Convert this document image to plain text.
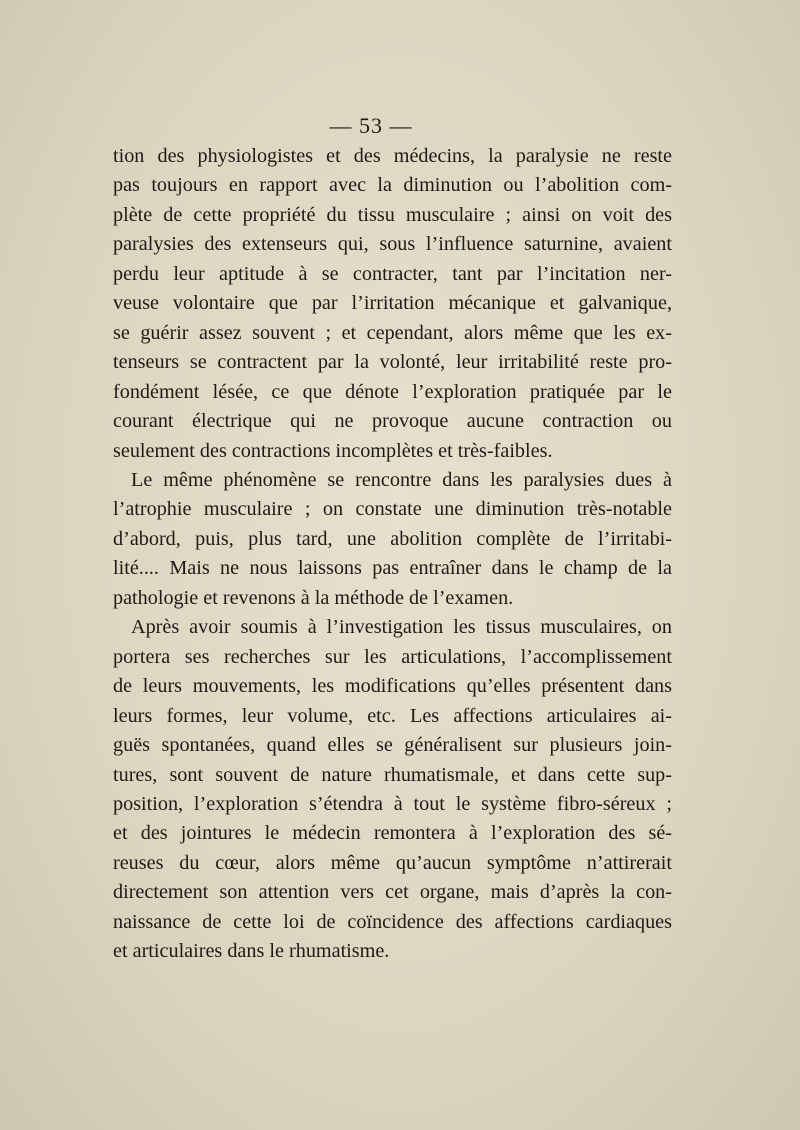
— 53 —

tion des physiologistes et des médecins, la paralysie ne reste
pas toujours en rapport avec la diminution ou l’abolition com-
plète de cette propriété du tissu musculaire ; ainsi on voit des
paralysies des extenseurs qui, sous l’influence saturnine, avaient
perdu leur aptitude à se contracter, tant par l’incitation ner-
veuse volontaire que par l’irritation mécanique et galvanique,
se guérir assez souvent ; et cependant, alors même que les ex-
tenseurs se contractent par la volonté, leur irritabilité reste pro-
fondément lésée, ce que dénote l’exploration pratiquée par le
courant électrique qui ne provoque aucune contraction ou
seulement des contractions incomplètes et très-faibles.

Le même phénomène se rencontre dans les paralysies dues à
l’atrophie musculaire ; on constate une diminution très-notable
d’abord, puis, plus tard, une abolition complète de l’irritabi-
lité.... Mais ne nous laissons pas entraîner dans le champ de la
pathologie et revenons à la méthode de l’examen.

Après avoir soumis à l’investigation les tissus musculaires, on
portera ses recherches sur les articulations, l’accomplissement
de leurs mouvements, les modifications qu’elles présentent dans
leurs formes, leur volume, etc. Les affections articulaires ai-
guës spontanées, quand elles se généralisent sur plusieurs join-
tures, sont souvent de nature rhumatismale, et dans cette sup-
position, l’exploration s’étendra à tout le système fibro-séreux ;
et des jointures le médecin remontera à l’exploration des sé-
reuses du cœur, alors même qu’aucun symptôme n’attirerait
directement son attention vers cet organe, mais d’après la con-
naissance de cette loi de coïncidence des affections cardiaques
et articulaires dans le rhumatisme.
